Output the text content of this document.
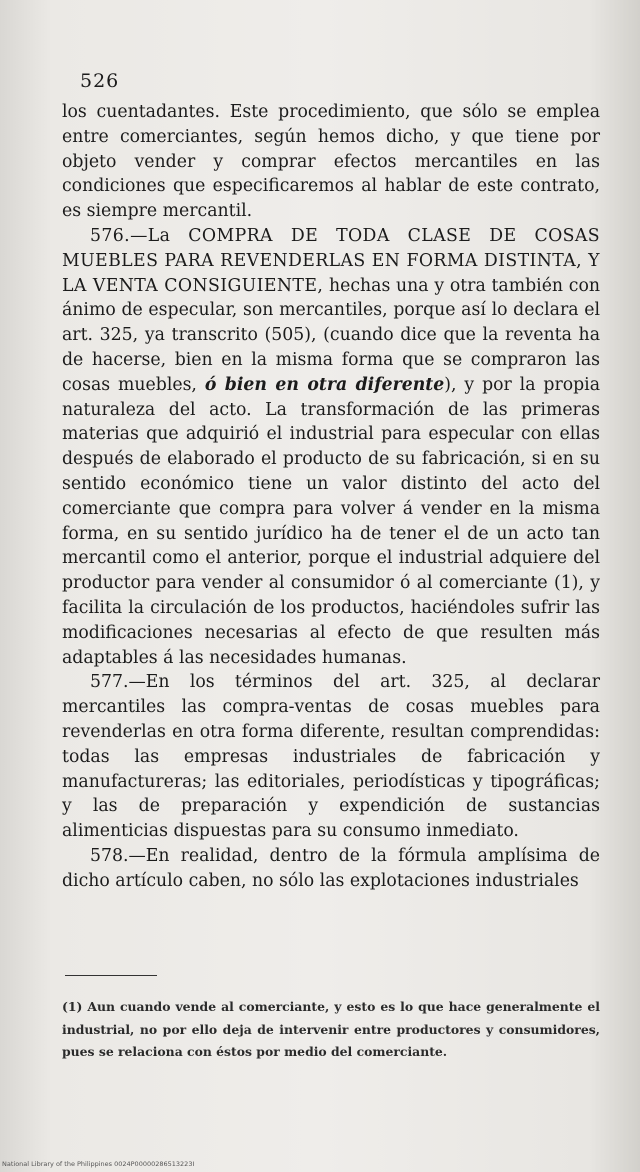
526

los cuentadantes. Este procedimiento, que sólo se emplea entre comerciantes, según hemos dicho, y que tiene por objeto vender y comprar efectos mercantiles en las condiciones que especificaremos al hablar de este contrato, es siempre mercantil.

576.—La COMPRA DE TODA CLASE DE COSAS MUEBLES PARA REVENDERLAS EN FORMA DISTINTA, Y LA VENTA CONSIGUIENTE, hechas una y otra también con ánimo de especular, son mercantiles, porque así lo declara el art. 325, ya transcrito (505), (cuando dice que la reventa ha de hacerse, bien en la misma forma que se compraron las cosas muebles, ó bien en otra diferente), y por la propia naturaleza del acto. La transformación de las primeras materias que adquirió el industrial para especular con ellas después de elaborado el producto de su fabricación, si en su sentido económico tiene un valor distinto del acto del comerciante que compra para volver á vender en la misma forma, en su sentido jurídico ha de tener el de un acto tan mercantil como el anterior, porque el industrial adquiere del productor para vender al consumidor ó al comerciante (1), y facilita la circulación de los productos, haciéndoles sufrir las modificaciones necesarias al efecto de que resulten más adaptables á las necesidades humanas.

577.—En los términos del art. 325, al declarar mercantiles las compra-ventas de cosas muebles para revenderlas en otra forma diferente, resultan comprendidas: todas las empresas industriales de fabricación y manufactureras; las editoriales, periodísticas y tipográficas; y las de preparación y expendición de sustancias alimenticias dispuestas para su consumo inmediato.

578.—En realidad, dentro de la fórmula amplísima de dicho artículo caben, no sólo las explotaciones industriales

(1) Aun cuando vende al comerciante, y esto es lo que hace generalmente el industrial, no por ello deja de intervenir entre productores y consumidores, pues se relaciona con éstos por medio del comerciante.
National Library of the Philippines 0024P00000286513223I
